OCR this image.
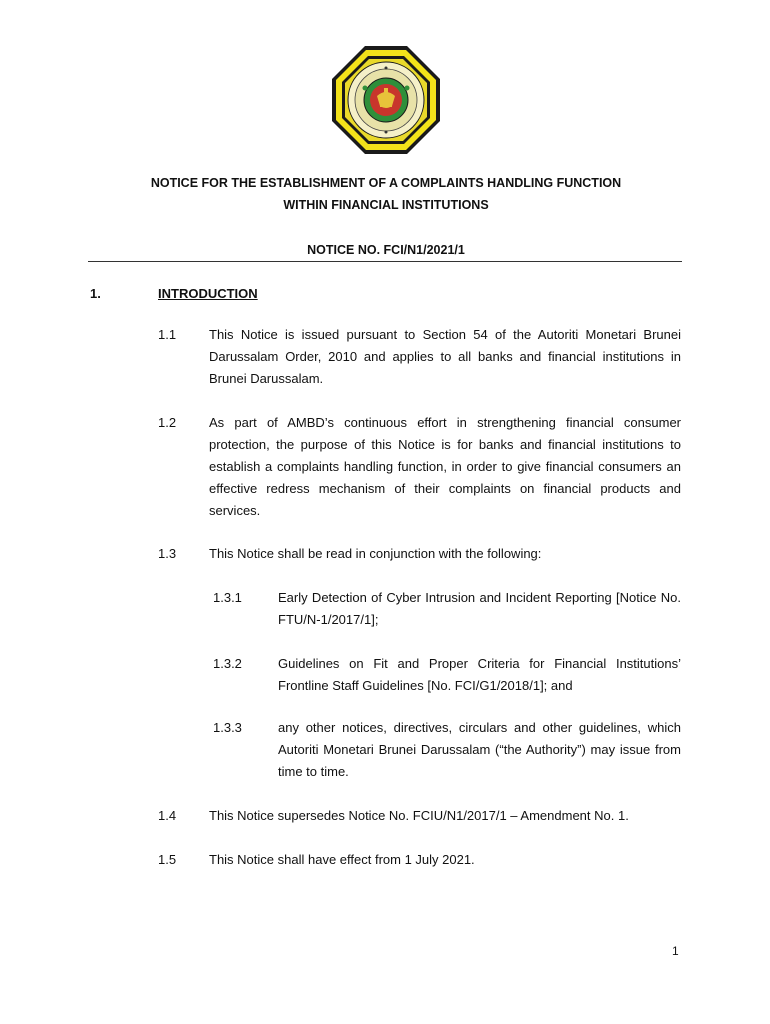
NOTICE FOR THE ESTABLISHMENT OF A COMPLAINTS HANDLING FUNCTION
WITHIN FINANCIAL INSTITUTIONS
NOTICE NO. FCI/N1/2021/1
1.	INTRODUCTION
1.1	This Notice is issued pursuant to Section 54 of the Autoriti Monetari Brunei Darussalam Order, 2010 and applies to all banks and financial institutions in Brunei Darussalam.
1.2	As part of AMBD’s continuous effort in strengthening financial consumer protection, the purpose of this Notice is for banks and financial institutions to establish a complaints handling function, in order to give financial consumers an effective redress mechanism of their complaints on financial products and services.
1.3	This Notice shall be read in conjunction with the following:
1.3.1	Early Detection of Cyber Intrusion and Incident Reporting [Notice No. FTU/N-1/2017/1];
1.3.2	Guidelines on Fit and Proper Criteria for Financial Institutions’ Frontline Staff Guidelines [No. FCI/G1/2018/1]; and
1.3.3	any other notices, directives, circulars and other guidelines, which Autoriti Monetari Brunei Darussalam (“the Authority”) may issue from time to time.
1.4	This Notice supersedes Notice No. FCIU/N1/2017/1 – Amendment No. 1.
1.5	This Notice shall have effect from 1 July 2021.
1
